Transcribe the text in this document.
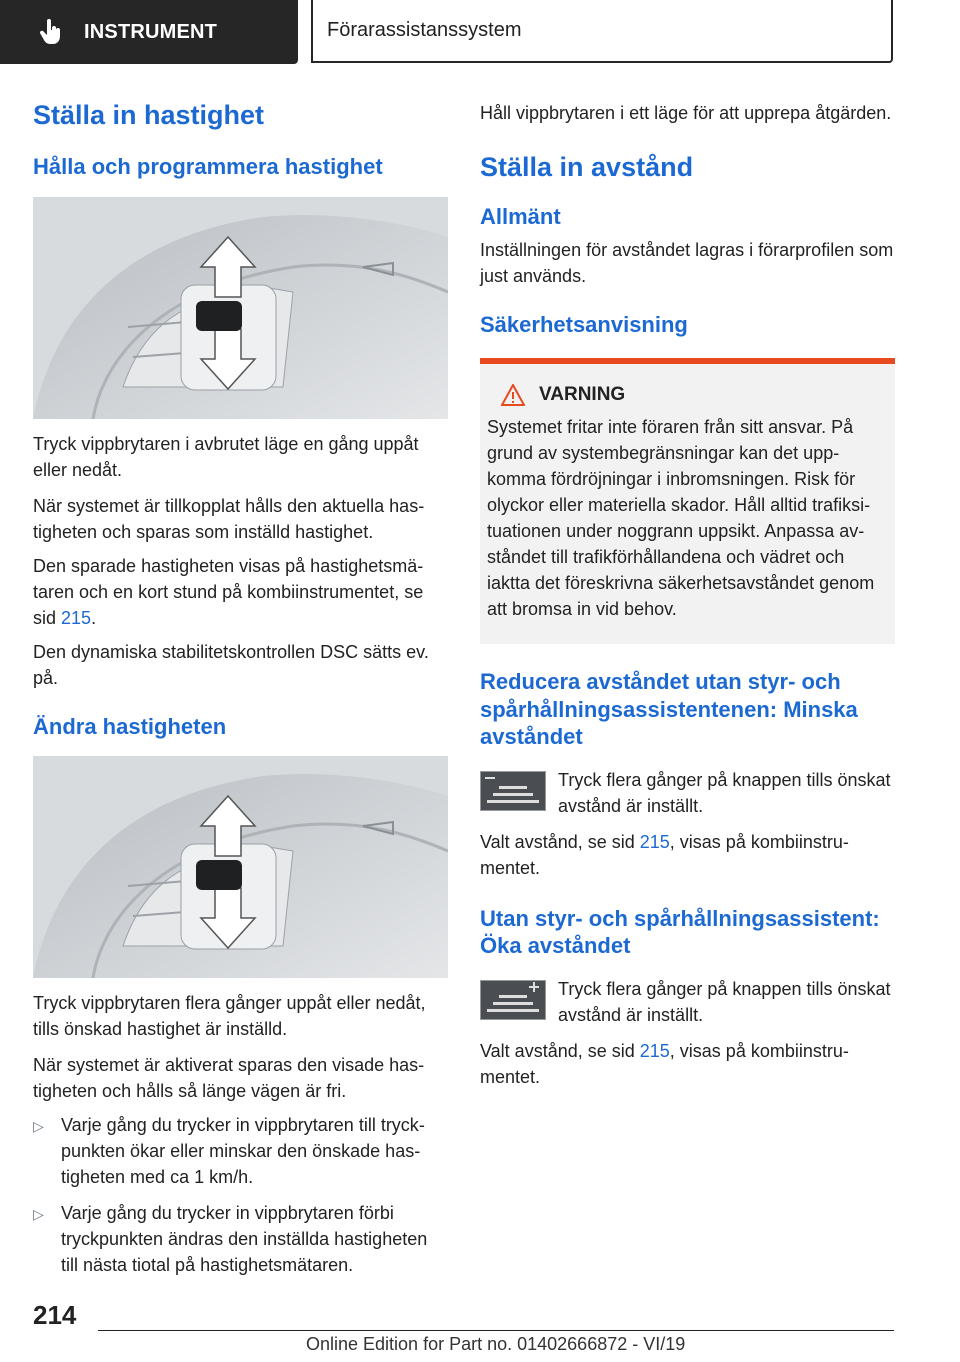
INSTRUMENT	Förarassistanssystem
Ställa in hastighet
Hålla och programmera hastighet

Tryck vippbrytaren i avbrutet läge en gång uppåt eller nedåt.

När systemet är tillkopplat hålls den aktuella hastigheten och sparas som inställd hastighet.

Den sparade hastigheten visas på hastighetsmätaren och en kort stund på kombiinstrumentet, se sid 215.

Den dynamiska stabilitetskontrollen DSC sätts ev. på.

Ändra hastigheten

Tryck vippbrytaren flera gånger uppåt eller nedåt, tills önskad hastighet är inställd.

När systemet är aktiverat sparas den visade hastigheten och hålls så länge vägen är fri.

▷ Varje gång du trycker in vippbrytaren till tryckpunkten ökar eller minskar den önskade hastigheten med ca 1 km/h.
▷ Varje gång du trycker in vippbrytaren förbi tryckpunkten ändras den inställda hastigheten till nästa tiotal på hastighetsmätaren.

Håll vippbrytaren i ett läge för att upprepa åtgärden.

Ställa in avstånd
Allmänt

Inställningen för avståndet lagras i förarprofilen som just används.

Säkerhetsanvisning
VARNING

Systemet fritar inte föraren från sitt ansvar. På grund av systembegränsningar kan det uppkomma fördröjningar i inbromsningen. Risk för olyckor eller materiella skador. Håll alltid trafiksituationen under noggrann uppsikt. Anpassa avståndet till trafikförhållandena och vädret och iaktta det föreskrivna säkerhetsavståndet genom att bromsa in vid behov.

Reducera avståndet utan styr- och spårhållningsassistentenen: Minska avståndet

Tryck flera gånger på knappen tills önskat avstånd är inställt.

Valt avstånd, se sid 215, visas på kombiinstrumentet.

Utan styr- och spårhållningsassistent: Öka avståndet

Tryck flera gånger på knappen tills önskat avstånd är inställt.

Valt avstånd, se sid 215, visas på kombiinstrumentet.

214
Online Edition for Part no. 01402666872 - VI/19
